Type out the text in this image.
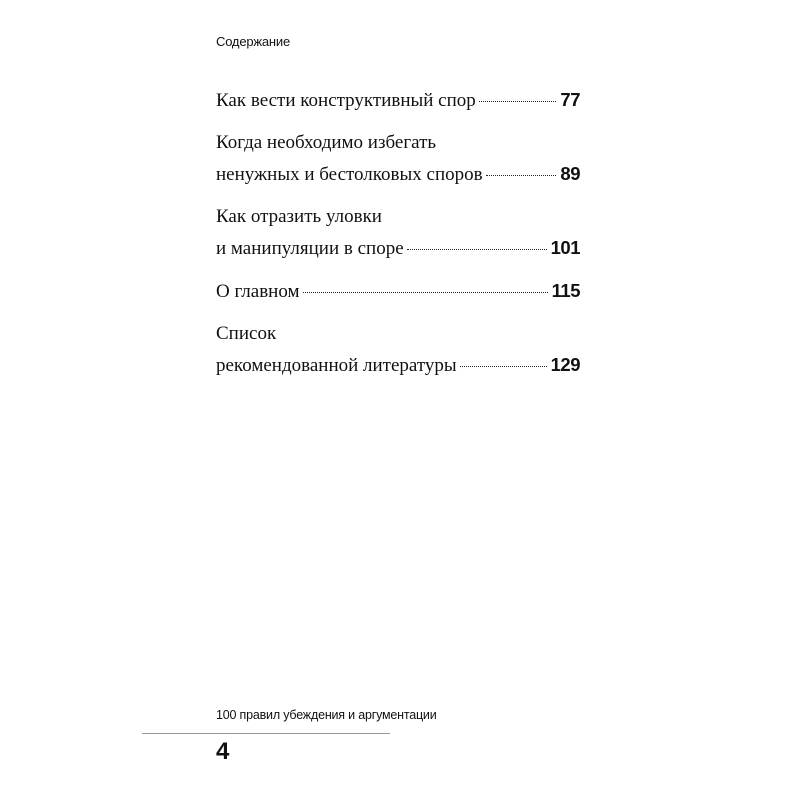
Содержание
Как вести конструктивный спор	77
Когда необходимо избегать
ненужных и бестолковых споров	89
Как отразить уловки
и манипуляции в споре	101
О главном	115
Список
рекомендованной литературы	129
100 правил убеждения и аргументации
4
